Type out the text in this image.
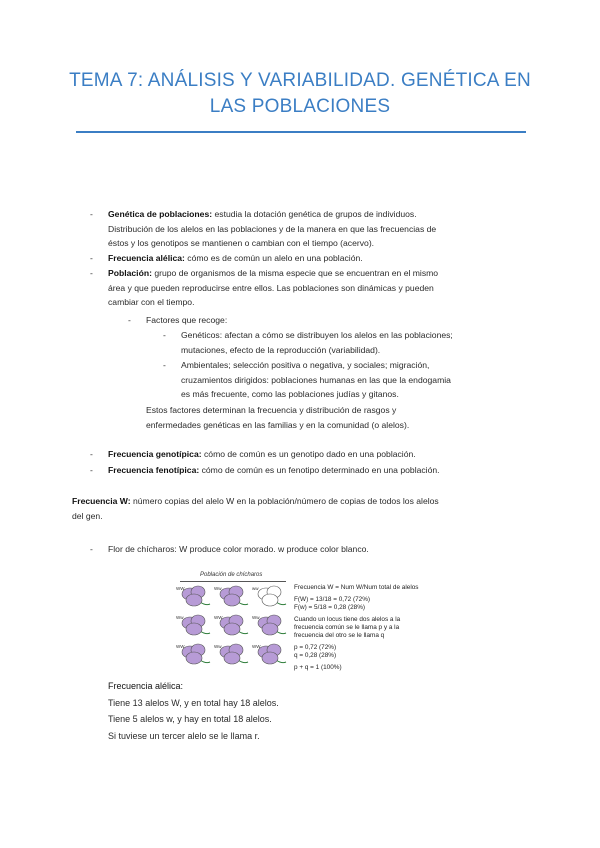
TEMA 7: ANÁLISIS Y VARIABILIDAD. GENÉTICA EN
LAS POBLACIONES
- Genética de poblaciones: estudia la dotación genética de grupos de individuos.
Distribución de los alelos en las poblaciones y de la manera en que las frecuencias de
éstos y los genotipos se mantienen o cambian con el tiempo (acervo).
- Frecuencia alélica: cómo es de común un alelo en una población.
- Población: grupo de organismos de la misma especie que se encuentran en el mismo
área y que pueden reproducirse entre ellos. Las poblaciones son dinámicas y pueden
cambiar con el tiempo.
- Factores que recoge:
- Genéticos: afectan a cómo se distribuyen los alelos en las poblaciones;
mutaciones, efecto de la reproducción (variabilidad).
- Ambientales; selección positiva o negativa, y sociales; migración,
cruzamientos dirigidos: poblaciones humanas en las que la endogamia
es más frecuente, como las poblaciones judías y gitanos.
Estos factores determinan la frecuencia y distribución de rasgos y
enfermedades genéticas en las familias y en la comunidad (o alelos).
- Frecuencia genotípica: cómo de común es un genotipo dado en una población.
- Frecuencia fenotípica: cómo de común es un fenotipo determinado en una población.
Frecuencia W: número copias del alelo W en la población/número de copias de todos los alelos
del gen.
- Flor de chícharos: W produce color morado. w produce color blanco.
Población de chícharos
WW	Ww	ww
Ww	WW	Ww
WW	Ww	WW
Frecuencia W = Num W/Num total de alelos
F(W) = 13/18 = 0,72 (72%)
F(w) = 5/18 = 0,28 (28%)
Cuando un locus tiene dos alelos a la
frecuencia común se le llama p y a la
frecuencia del otro se le llama q
p = 0,72 (72%)
q = 0,28 (28%)
p + q = 1 (100%)
Frecuencia alélica:
Tiene 13 alelos W, y en total hay 18 alelos.
Tiene 5 alelos w, y hay en total 18 alelos.
Si tuviese un tercer alelo se le llama r.
